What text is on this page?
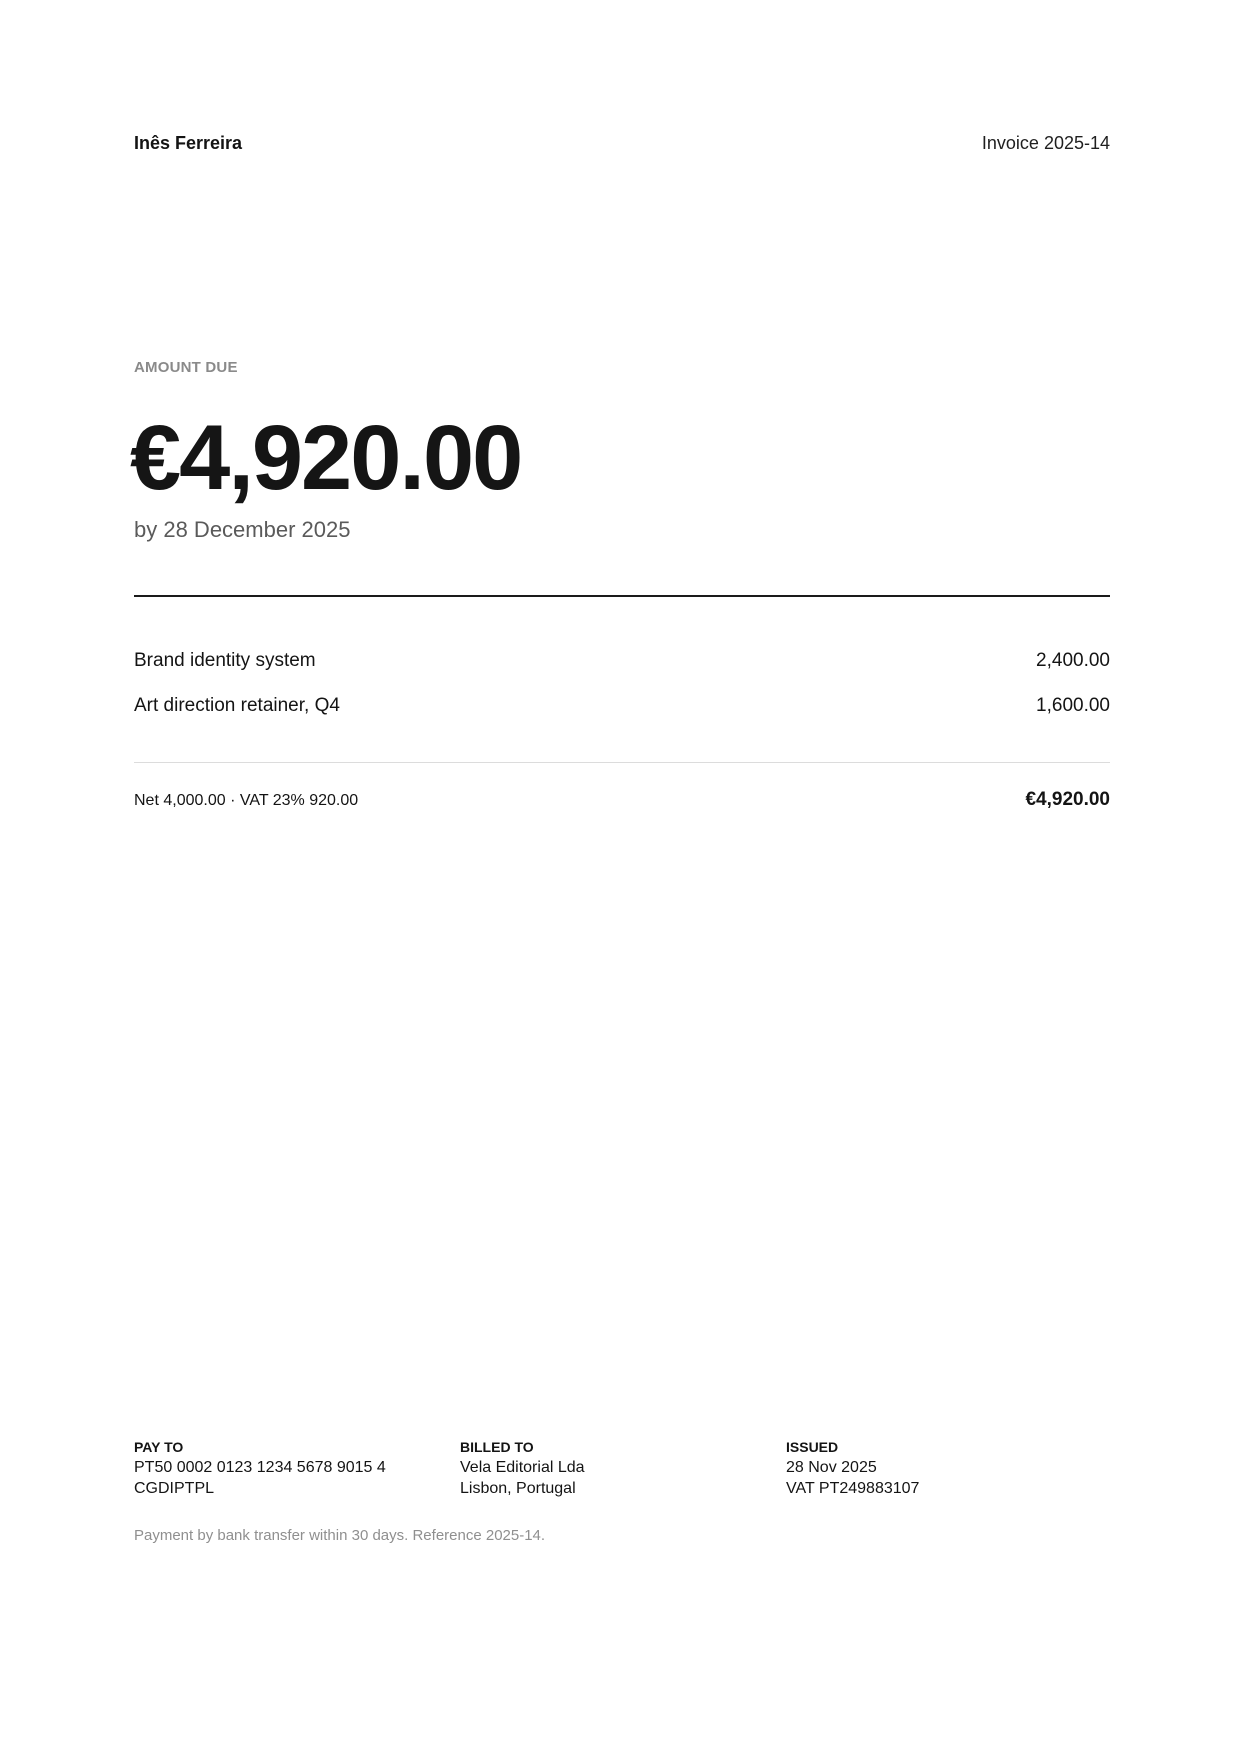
Inês Ferreira	Invoice 2025-14
AMOUNT DUE
€4,920.00
by 28 December 2025
Brand identity system	2,400.00
Art direction retainer, Q4	1,600.00
Net 4,000.00 · VAT 23% 920.00	€4,920.00
PAY TO
PT50 0002 0123 1234 5678 9015 4
CGDIPTPL
BILLED TO
Vela Editorial Lda
Lisbon, Portugal
ISSUED
28 Nov 2025
VAT PT249883107
Payment by bank transfer within 30 days. Reference 2025-14.
